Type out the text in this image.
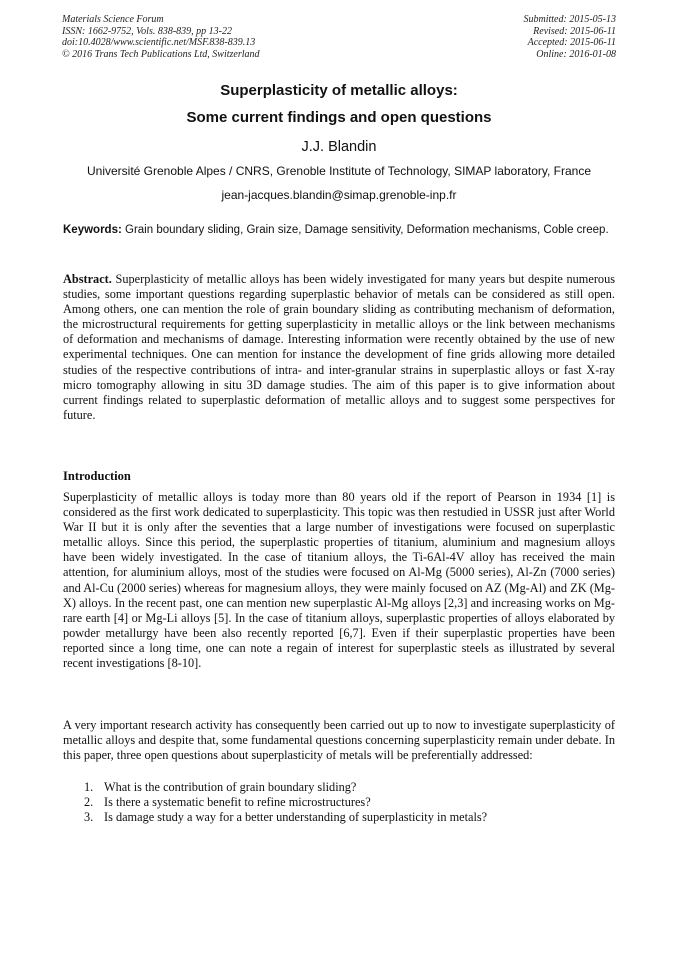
Materials Science Forum
ISSN: 1662-9752, Vols. 838-839, pp 13-22
doi:10.4028/www.scientific.net/MSF.838-839.13
© 2016 Trans Tech Publications Ltd, Switzerland
Submitted: 2015-05-13
Revised: 2015-06-11
Accepted: 2015-06-11
Online: 2016-01-08
Superplasticity of metallic alloys:
Some current findings and open questions
J.J. Blandin
Université Grenoble Alpes / CNRS, Grenoble Institute of Technology, SIMAP laboratory, France
jean-jacques.blandin@simap.grenoble-inp.fr
Keywords: Grain boundary sliding, Grain size, Damage sensitivity, Deformation mechanisms, Coble creep.
Abstract. Superplasticity of metallic alloys has been widely investigated for many years but despite numerous studies, some important questions regarding superplastic behavior of metals can be considered as still open. Among others, one can mention the role of grain boundary sliding as contributing mechanism of deformation, the microstructural requirements for getting superplasticity in metallic alloys or the link between mechanisms of deformation and mechanisms of damage. Interesting information were recently obtained by the use of new experimental techniques. One can mention for instance the development of fine grids allowing more detailed studies of the respective contributions of intra- and inter-granular strains in superplastic alloys or fast X-ray micro tomography allowing in situ 3D damage studies. The aim of this paper is to give information about current findings related to superplastic deformation of metallic alloys and to suggest some perspectives for future.
Introduction
Superplasticity of metallic alloys is today more than 80 years old if the report of Pearson in 1934 [1] is considered as the first work dedicated to superplasticity. This topic was then restudied in USSR just after World War II but it is only after the seventies that a large number of investigations were focused on superplastic metallic alloys. Since this period, the superplastic properties of titanium, aluminium and magnesium alloys have been widely investigated. In the case of titanium alloys, the Ti-6Al-4V alloy has received the main attention, for aluminium alloys, most of the studies were focused on Al-Mg (5000 series), Al-Zn (7000 series) and Al-Cu (2000 series) whereas for magnesium alloys, they were mainly focused on AZ (Mg-Al) and ZK (Mg-X) alloys. In the recent past, one can mention new superplastic Al-Mg alloys [2,3] and increasing works on Mg-rare earth [4] or Mg-Li alloys [5]. In the case of titanium alloys, superplastic properties of alloys elaborated by powder metallurgy have been also recently reported [6,7]. Even if their superplastic properties have been reported since a long time, one can note a regain of interest for superplastic steels as illustrated by several recent investigations [8-10].
A very important research activity has consequently been carried out up to now to investigate superplasticity of metallic alloys and despite that, some fundamental questions concerning superplasticity remain under debate. In this paper, three open questions about superplasticity of metals will be preferentially addressed:
1. What is the contribution of grain boundary sliding?
2. Is there a systematic benefit to refine microstructures?
3. Is damage study a way for a better understanding of superplasticity in metals?
